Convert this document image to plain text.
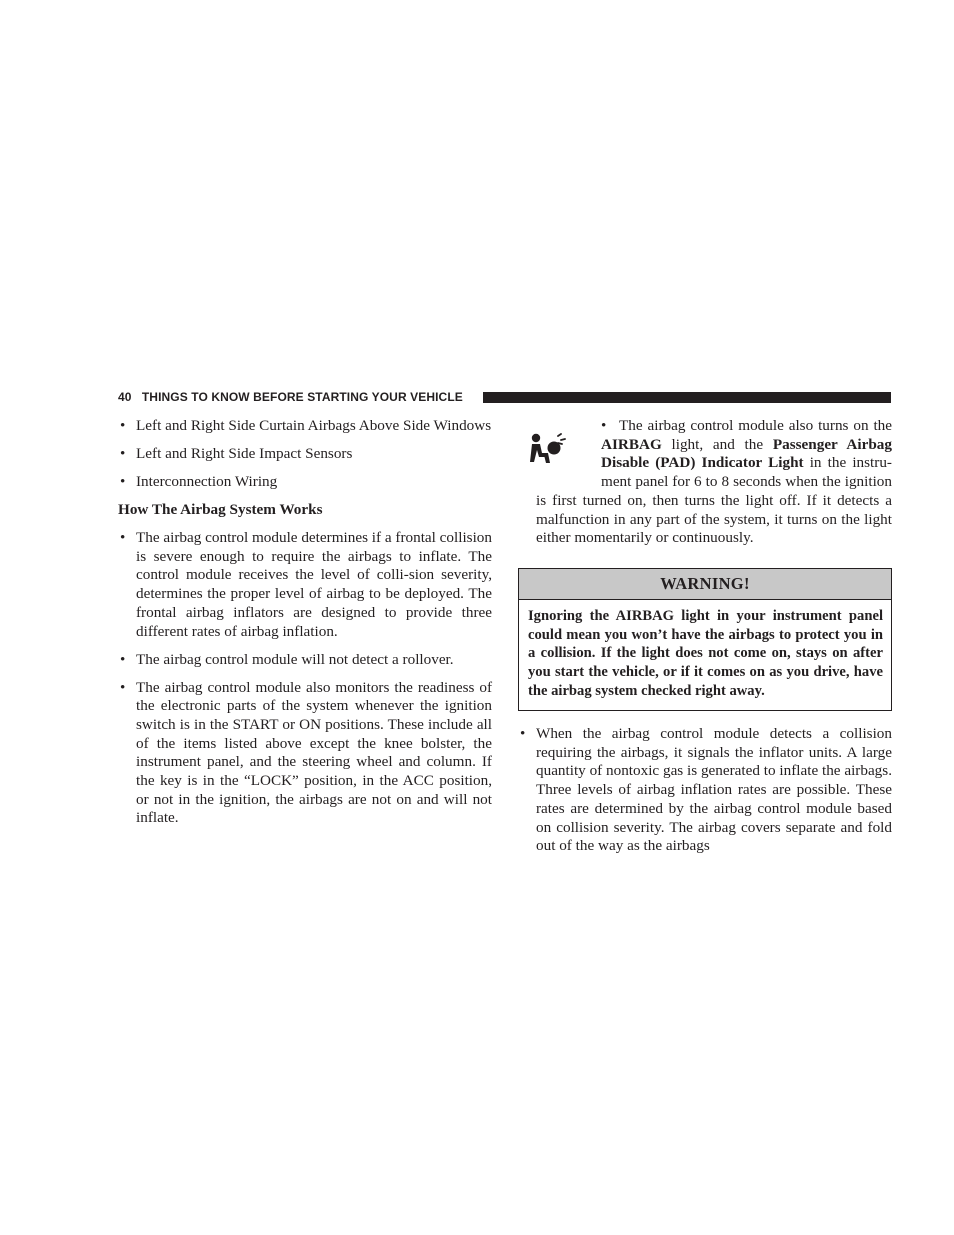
40 THINGS TO KNOW BEFORE STARTING YOUR VEHICLE
• Left and Right Side Curtain Airbags Above Side Windows
• Left and Right Side Impact Sensors
• Interconnection Wiring
How The Airbag System Works
• The airbag control module determines if a frontal collision is severe enough to require the airbags to inflate. The control module receives the level of colli-sion severity, determines the proper level of airbag to be deployed. The frontal airbag inflators are designed to provide three different rates of airbag inflation.
• The airbag control module will not detect a rollover.
• The airbag control module also monitors the readiness of the electronic parts of the system whenever the ignition switch is in the START or ON positions. These include all of the items listed above except the knee bolster, the instrument panel, and the steering wheel and column. If the key is in the “LOCK” position, in the ACC position, or not in the ignition, the airbags are not on and will not inflate.
• The airbag control module also turns on the AIRBAG light, and the Passenger Airbag Disable (PAD) Indicator Light in the instru-ment panel for 6 to 8 seconds when the ignition is first turned on, then turns the light off. If it detects a malfunction in any part of the system, it turns on the light either momentarily or continuously.
WARNING!
Ignoring the AIRBAG light in your instrument panel could mean you won’t have the airbags to protect you in a collision. If the light does not come on, stays on after you start the vehicle, or if it comes on as you drive, have the airbag system checked right away.
• When the airbag control module detects a collision requiring the airbags, it signals the inflator units. A large quantity of nontoxic gas is generated to inflate the airbags. Three levels of airbag inflation rates are possible. These rates are determined by the airbag control module based on collision severity. The airbag covers separate and fold out of the way as the airbags
